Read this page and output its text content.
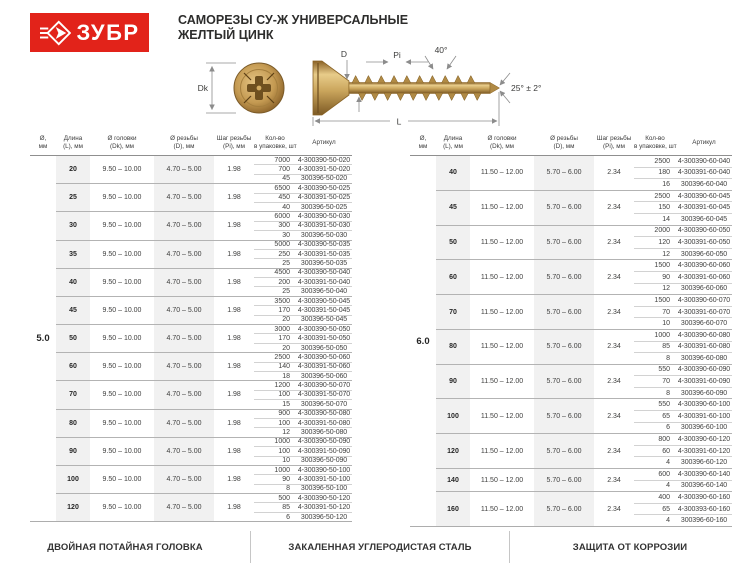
ЗУБР	САМОРЕЗЫ СУ-Ж УНИВЕРСАЛЬНЫЕ
ЖЕЛТЫЙ ЦИНК
Dk
D	Pi	40°
25° ± 2°
L
Ø,
мм
Длина
(L), мм
Ø головки
(Dk), мм
Ø резьбы
(D), мм
Шаг резьбы
(Pi), мм
Кол-во
в упаковке, шт
Артикул
5.0
20	9.50 – 10.00	4.70 – 5.00	1.98
7000	4-300390-50-020
700	4-300391-50-020
45	300396-50-020
25	9.50 – 10.00	4.70 – 5.00	1.98
6500	4-300390-50-025
450	4-300391-50-025
40	300396-50-025
30	9.50 – 10.00	4.70 – 5.00	1.98
6000	4-300390-50-030
300	4-300391-50-030
30	300396-50-030
35	9.50 – 10.00	4.70 – 5.00	1.98
5000	4-300390-50-035
250	4-300391-50-035
25	300396-50-035
40	9.50 – 10.00	4.70 – 5.00	1.98
4500	4-300390-50-040
200	4-300391-50-040
25	300396-50-040
45	9.50 – 10.00	4.70 – 5.00	1.98
3500	4-300390-50-045
170	4-300391-50-045
20	300396-50-045
50	9.50 – 10.00	4.70 – 5.00	1.98
3000	4-300390-50-050
170	4-300391-50-050
20	300396-50-050
60	9.50 – 10.00	4.70 – 5.00	1.98
2500	4-300390-50-060
140	4-300391-50-060
18	300396-50-060
70	9.50 – 10.00	4.70 – 5.00	1.98
1200	4-300390-50-070
100	4-300391-50-070
15	300396-50-070
80	9.50 – 10.00	4.70 – 5.00	1.98
900	4-300390-50-080
100	4-300391-50-080
12	300396-50-080
90	9.50 – 10.00	4.70 – 5.00	1.98
1000	4-300390-50-090
100	4-300391-50-090
10	300396-50-090
100	9.50 – 10.00	4.70 – 5.00	1.98
1000	4-300390-50-100
90	4-300391-50-100
8	300396-50-100
120	9.50 – 10.00	4.70 – 5.00	1.98
500	4-300390-50-120
85	4-300391-50-120
6	300396-50-120
Ø,
мм
Длина
(L), мм
Ø головки
(Dk), мм
Ø резьбы
(D), мм
Шаг резьбы
(Pi), мм
Кол-во
в упаковке, шт
Артикул
6.0
40	11.50 – 12.00	5.70 – 6.00	2.34
2500	4-300390-60-040
180	4-300391-60-040
16	300396-60-040
45	11.50 – 12.00	5.70 – 6.00	2.34
2500	4-300390-60-045
150	4-300391-60-045
14	300396-60-045
50	11.50 – 12.00	5.70 – 6.00	2.34
2000	4-300390-60-050
120	4-300391-60-050
12	300396-60-050
60	11.50 – 12.00	5.70 – 6.00	2.34
1500	4-300390-60-060
90	4-300391-60-060
12	300396-60-060
70	11.50 – 12.00	5.70 – 6.00	2.34
1500	4-300390-60-070
70	4-300391-60-070
10	300396-60-070
80	11.50 – 12.00	5.70 – 6.00	2.34
1000	4-300390-60-080
85	4-300391-60-080
8	300396-60-080
90	11.50 – 12.00	5.70 – 6.00	2.34
550	4-300390-60-090
70	4-300391-60-090
8	300396-60-090
100	11.50 – 12.00	5.70 – 6.00	2.34
550	4-300390-60-100
65	4-300391-60-100
6	300396-60-100
120	11.50 – 12.00	5.70 – 6.00	2.34
800	4-300390-60-120
60	4-300391-60-120
4	300396-60-120
140	11.50 – 12.00	5.70 – 6.00	2.34
600	4-300390-60-140
4	300396-60-140
160	11.50 – 12.00	5.70 – 6.00	2.34
400	4-300390-60-160
65	4-300393-60-160
4	300396-60-160
ДВОЙНАЯ ПОТАЙНАЯ ГОЛОВКА	ЗАКАЛЕННАЯ УГЛЕРОДИСТАЯ СТАЛЬ	ЗАЩИТА ОТ КОРРОЗИИ
